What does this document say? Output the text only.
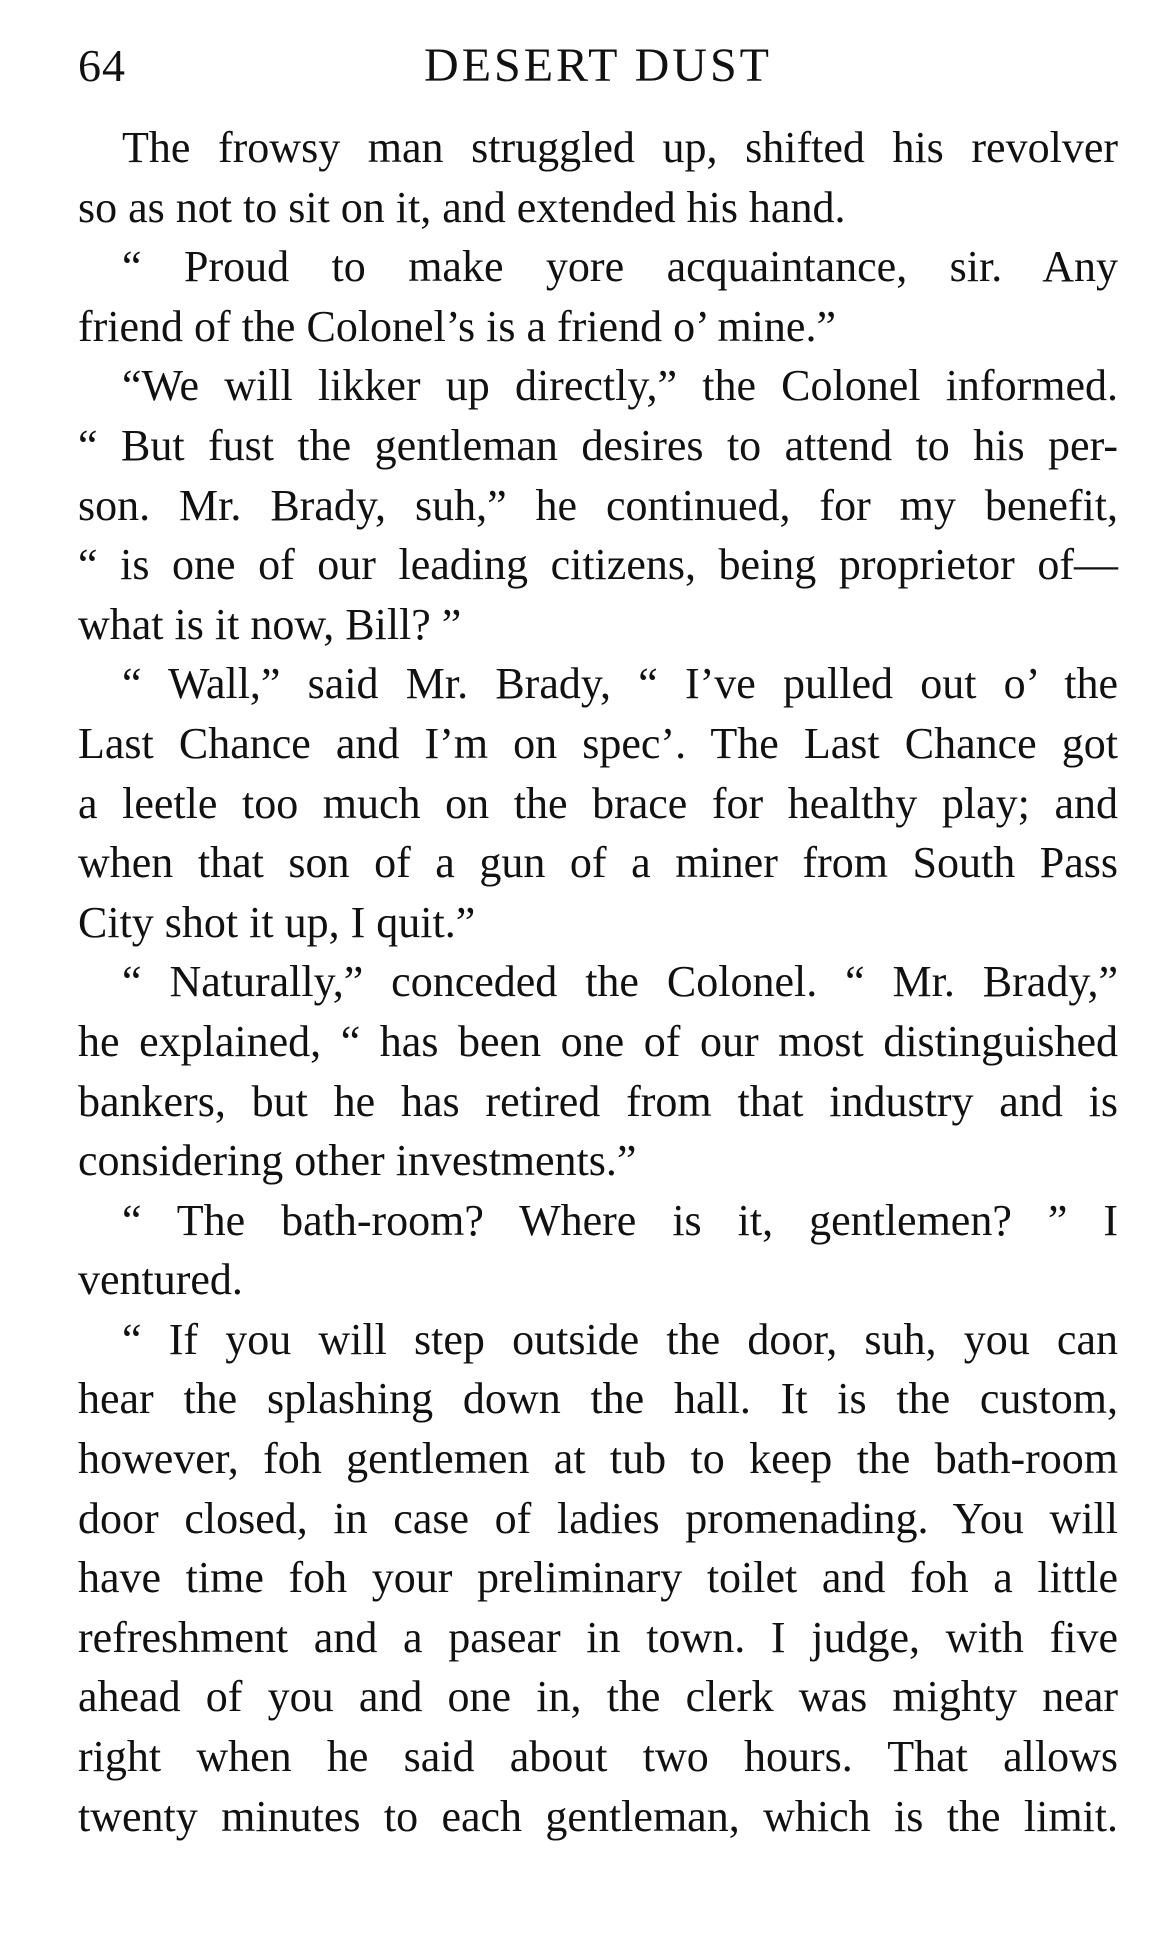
64	DESERT DUST
The frowsy man struggled up, shifted his revolver
so as not to sit on it, and extended his hand.
“ Proud to make yore acquaintance, sir. Any
friend of the Colonel’s is a friend o’ mine.”
“We will likker up directly,” the Colonel informed.
“ But fust the gentleman desires to attend to his per-
son. Mr. Brady, suh,” he continued, for my benefit,
“ is one of our leading citizens, being proprietor of—
what is it now, Bill? ”
“ Wall,” said Mr. Brady, “ I’ve pulled out o’ the
Last Chance and I’m on spec’. The Last Chance got
a leetle too much on the brace for healthy play; and
when that son of a gun of a miner from South Pass
City shot it up, I quit.”
“ Naturally,” conceded the Colonel. “ Mr. Brady,”
he explained, “ has been one of our most distinguished
bankers, but he has retired from that industry and is
considering other investments.”
“ The bath-room? Where is it, gentlemen? ” I
ventured.
“ If you will step outside the door, suh, you can
hear the splashing down the hall. It is the custom,
however, foh gentlemen at tub to keep the bath-room
door closed, in case of ladies promenading. You will
have time foh your preliminary toilet and foh a little
refreshment and a pasear in town. I judge, with five
ahead of you and one in, the clerk was mighty near
right when he said about two hours. That allows
twenty minutes to each gentleman, which is the limit.
